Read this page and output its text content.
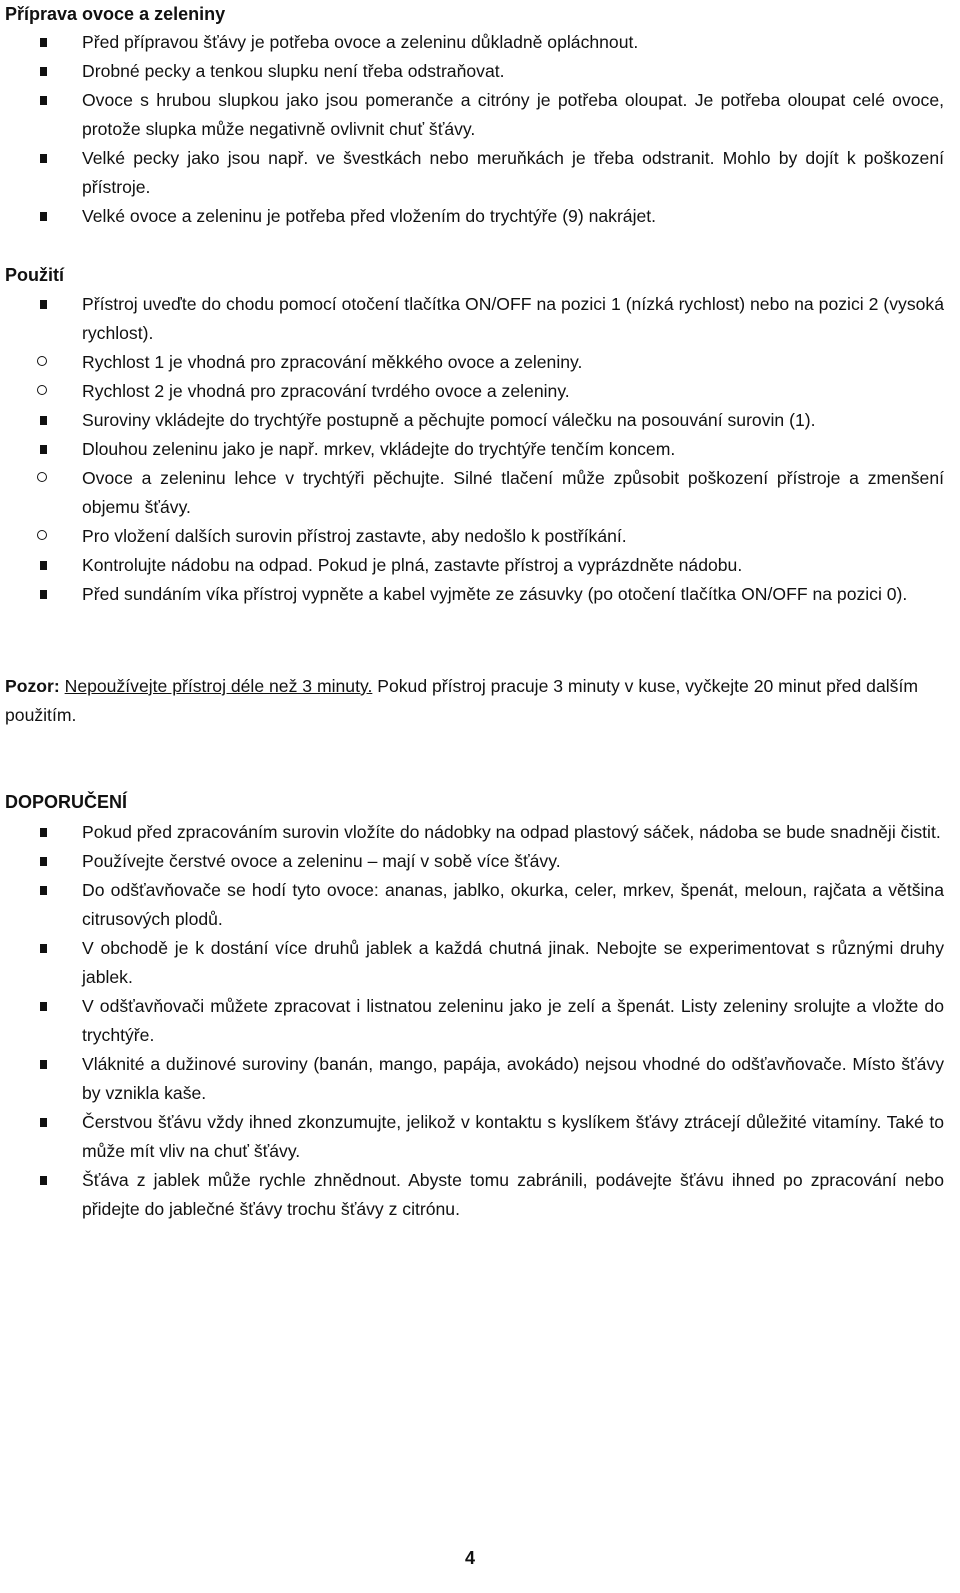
Příprava ovoce a zeleniny
Před přípravou šťávy je potřeba ovoce a zeleninu důkladně opláchnout.
Drobné pecky a tenkou slupku není třeba odstraňovat.
Ovoce s hrubou slupkou jako jsou pomeranče a citróny je potřeba oloupat. Je potřeba oloupat celé ovoce, protože slupka může negativně ovlivnit chuť šťávy.
Velké pecky jako jsou např. ve švestkách nebo meruňkách je třeba odstranit. Mohlo by dojít k poškození přístroje.
Velké ovoce a zeleninu je potřeba před vložením do trychtýře (9) nakrájet.
Použití
Přístroj uveďte do chodu pomocí otočení tlačítka ON/OFF na pozici 1 (nízká rychlost) nebo na pozici 2 (vysoká rychlost).
Rychlost 1 je vhodná pro zpracování měkkého ovoce a zeleniny.
Rychlost 2 je vhodná pro zpracování tvrdého ovoce a zeleniny.
Suroviny vkládejte do trychtýře postupně a pěchujte pomocí válečku na posouvání surovin (1).
Dlouhou zeleninu jako je např. mrkev, vkládejte do trychtýře tenčím koncem.
Ovoce a zeleninu lehce v trychtýři pěchujte. Silné tlačení může způsobit poškození přístroje a zmenšení objemu šťávy.
Pro vložení dalších surovin přístroj zastavte, aby nedošlo k postříkání.
Kontrolujte nádobu na odpad. Pokud je plná, zastavte přístroj a vyprázdněte nádobu.
Před sundáním víka přístroj vypněte a kabel vyjměte ze zásuvky (po otočení tlačítka ON/OFF na pozici 0).
Pozor: Nepoužívejte přístroj déle než 3 minuty. Pokud přístroj pracuje 3 minuty v kuse, vyčkejte 20 minut před dalším použitím.
DOPORUČENÍ
Pokud před zpracováním surovin vložíte do nádobky na odpad plastový sáček, nádoba se bude snadněji čistit.
Používejte čerstvé ovoce a zeleninu – mají v sobě více šťávy.
Do odšťavňovače se hodí tyto ovoce: ananas, jablko, okurka, celer, mrkev, špenát, meloun, rajčata a většina citrusových plodů.
V obchodě je k dostání více druhů jablek a každá chutná jinak. Nebojte se experimentovat s různými druhy jablek.
V odšťavňovači můžete zpracovat i listnatou zeleninu jako je zelí a špenát. Listy zeleniny srolujte a vložte do trychtýře.
Vláknité a dužinové suroviny (banán, mango, papája, avokádo) nejsou vhodné do odšťavňovače. Místo šťávy by vznikla kaše.
Čerstvou šťávu vždy ihned zkonzumujte, jelikož v kontaktu s kyslíkem šťávy ztrácejí důležité vitamíny. Také to může mít vliv na chuť šťávy.
Šťáva z jablek může rychle zhnědnout. Abyste tomu zabránili, podávejte šťávu ihned po zpracování nebo přidejte do jablečné šťávy trochu šťávy z citrónu.
4
